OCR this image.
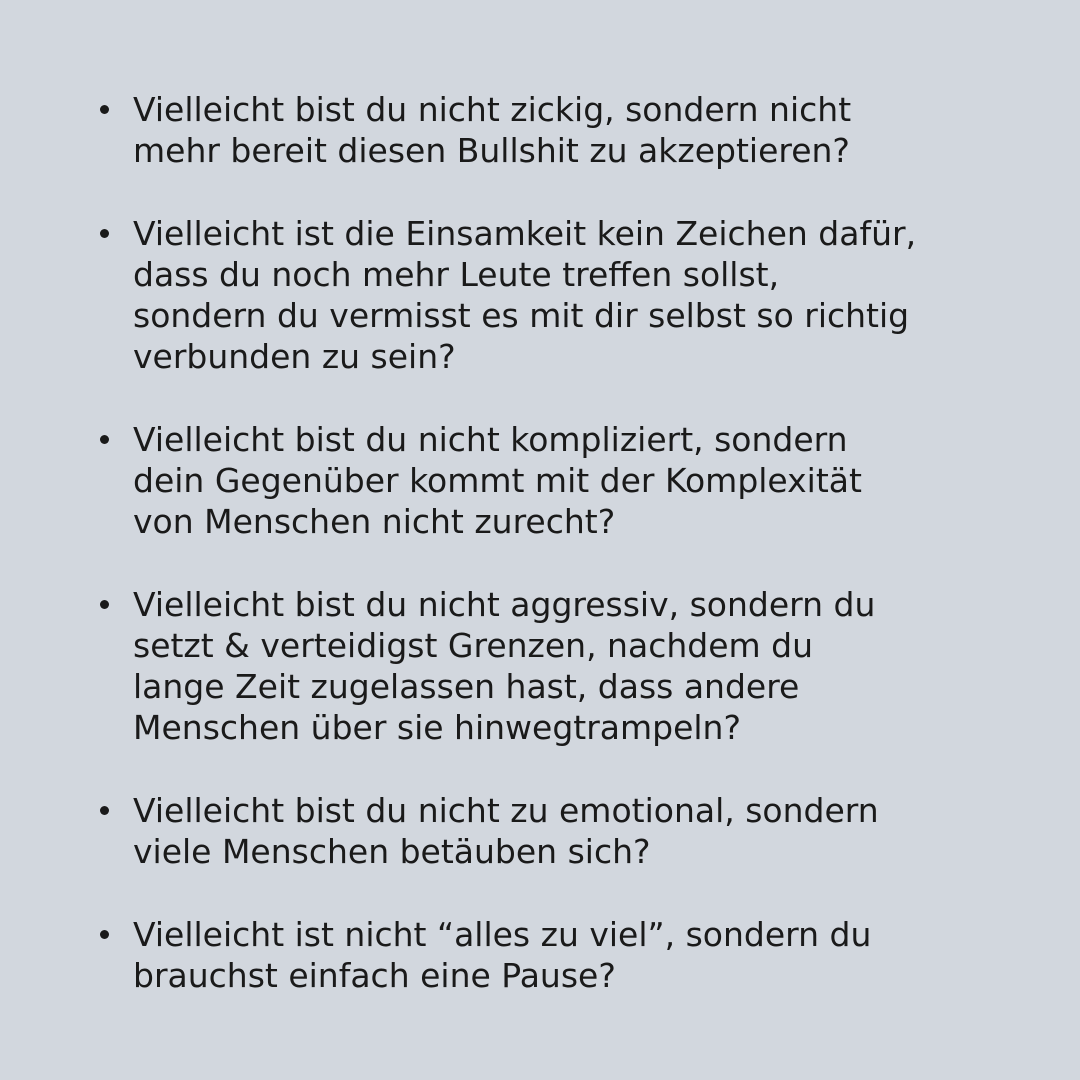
Vielleicht bist du nicht zickig, sondern nicht
mehr bereit diesen Bullshit zu akzeptieren?
Vielleicht ist die Einsamkeit kein Zeichen dafür,
dass du noch mehr Leute treffen sollst,
sondern du vermisst es mit dir selbst so richtig
verbunden zu sein?
Vielleicht bist du nicht kompliziert, sondern
dein Gegenüber kommt mit der Komplexität
von Menschen nicht zurecht?
Vielleicht bist du nicht aggressiv, sondern du
setzt & verteidigst Grenzen, nachdem du
lange Zeit zugelassen hast, dass andere
Menschen über sie hinwegtrampeln?
Vielleicht bist du nicht zu emotional, sondern
viele Menschen betäuben sich?
Vielleicht ist nicht “alles zu viel”, sondern du
brauchst einfach eine Pause?
